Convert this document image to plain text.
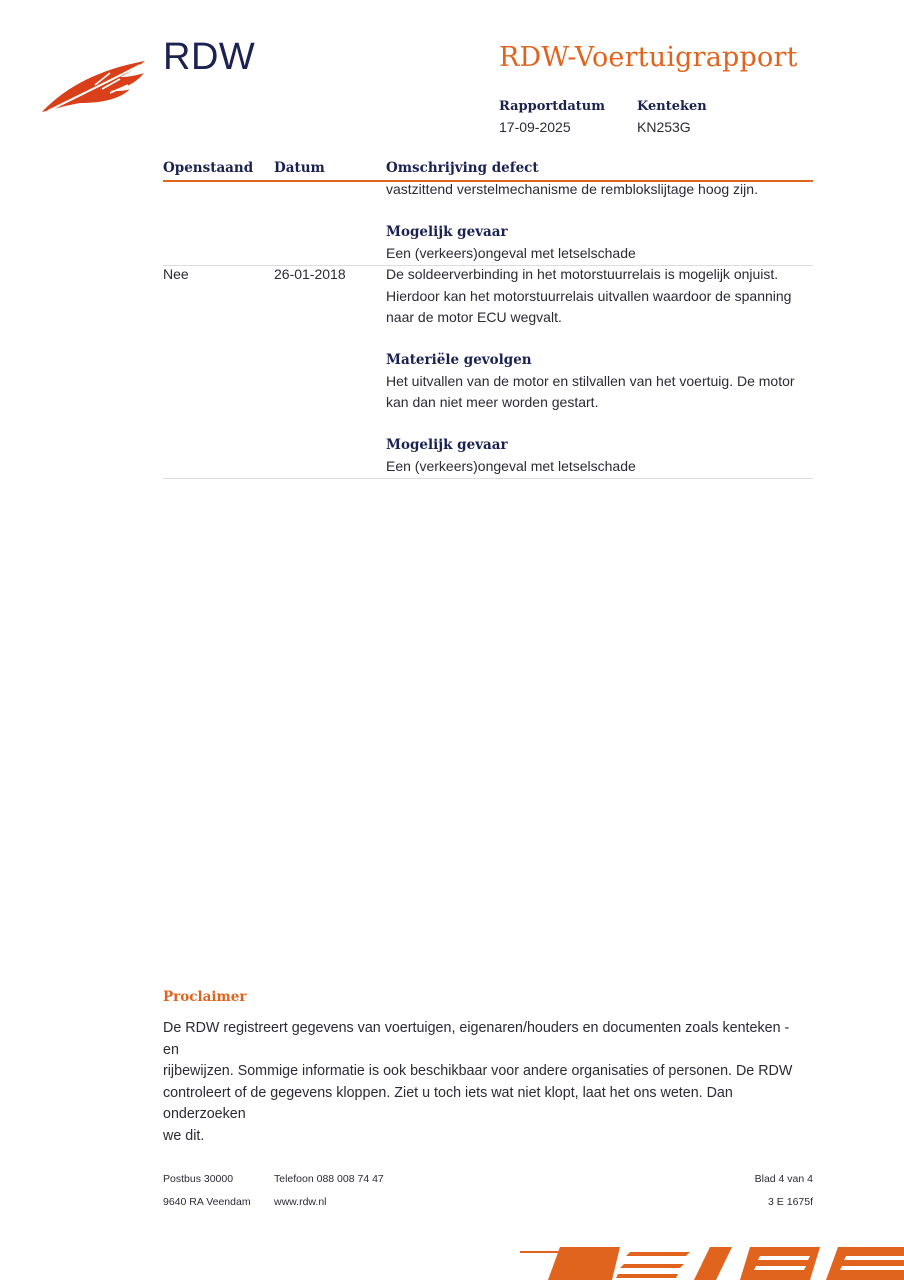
RDW	RDW-Voertuigrapport
Rapportdatum
17-09-2025
Kenteken
KN253G
Openstaand Datum	Omschrijving defect
vastzittend verstelmechanisme de remblokslijtage hoog zijn.
Mogelijk gevaar
Een (verkeers)ongeval met letselschade
Nee	26-01-2018	De soldeerverbinding in het motorstuurrelais is mogelijk onjuist.
Hierdoor kan het motorstuurrelais uitvallen waardoor de spanning
naar de motor ECU wegvalt.
Materiële gevolgen
Het uitvallen van de motor en stilvallen van het voertuig. De motor
kan dan niet meer worden gestart.
Mogelijk gevaar
Een (verkeers)ongeval met letselschade
Proclaimer
De RDW registreert gegevens van voertuigen, eigenaren/houders en documenten zoals kenteken - en
rijbewijzen. Sommige informatie is ook beschikbaar voor andere organisaties of personen. De RDW
controleert of de gegevens kloppen. Ziet u toch iets wat niet klopt, laat het ons weten. Dan onderzoeken
we dit.
Postbus 30000
9640 RA Veendam
Telefoon 088 008 74 47
www.rdw.nl
Blad 4 van 4
3 E 1675f
